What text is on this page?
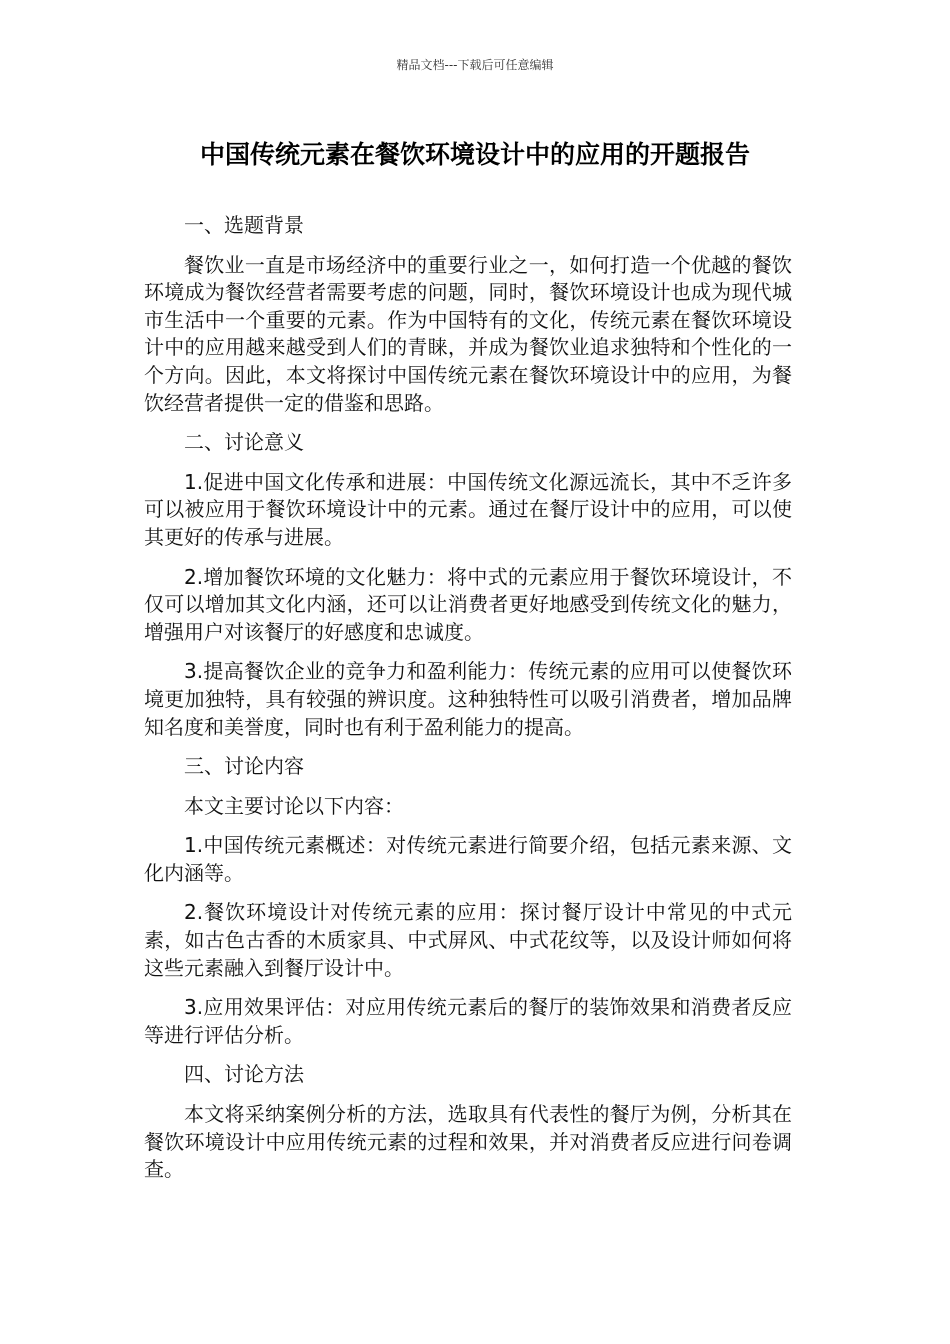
精品文档---下载后可任意编辑
中国传统元素在餐饮环境设计中的应用的开题报告

一、选题背景

餐饮业一直是市场经济中的重要行业之一，如何打造一个优越的餐饮环境成为餐饮经营者需要考虑的问题，同时，餐饮环境设计也成为现代城市生活中一个重要的元素。作为中国特有的文化，传统元素在餐饮环境设计中的应用越来越受到人们的青睐，并成为餐饮业追求独特和个性化的一个方向。因此，本文将探讨中国传统元素在餐饮环境设计中的应用，为餐饮经营者提供一定的借鉴和思路。

二、讨论意义

1.促进中国文化传承和进展：中国传统文化源远流长，其中不乏许多可以被应用于餐饮环境设计中的元素。通过在餐厅设计中的应用，可以使其更好的传承与进展。

2.增加餐饮环境的文化魅力：将中式的元素应用于餐饮环境设计，不仅可以增加其文化内涵，还可以让消费者更好地感受到传统文化的魅力，增强用户对该餐厅的好感度和忠诚度。

3.提高餐饮企业的竞争力和盈利能力：传统元素的应用可以使餐饮环境更加独特，具有较强的辨识度。这种独特性可以吸引消费者，增加品牌知名度和美誉度，同时也有利于盈利能力的提高。

三、讨论内容

本文主要讨论以下内容：

1.中国传统元素概述：对传统元素进行简要介绍，包括元素来源、文化内涵等。

2.餐饮环境设计对传统元素的应用：探讨餐厅设计中常见的中式元素，如古色古香的木质家具、中式屏风、中式花纹等，以及设计师如何将这些元素融入到餐厅设计中。

3.应用效果评估：对应用传统元素后的餐厅的装饰效果和消费者反应等进行评估分析。

四、讨论方法

本文将采纳案例分析的方法，选取具有代表性的餐厅为例，分析其在餐饮环境设计中应用传统元素的过程和效果，并对消费者反应进行问卷调查。
